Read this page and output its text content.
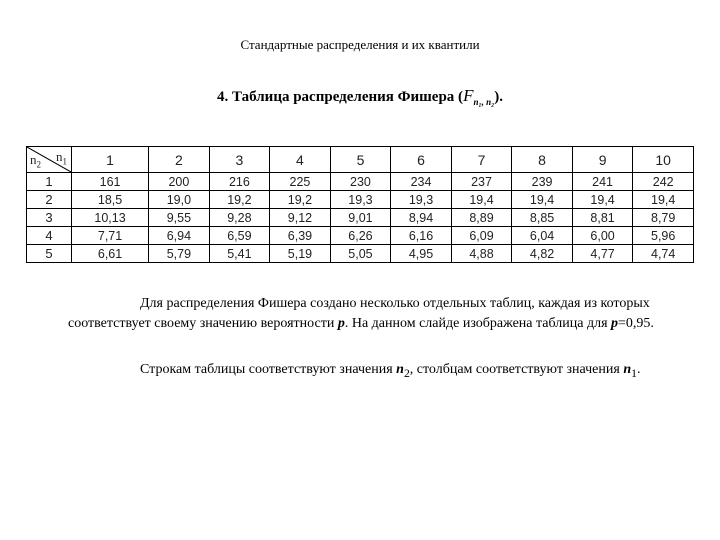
Стандартные распределения и их квантили
4. Таблица распределения Фишера $(F_{n_1, n_2})$.
$n_1$
$n_2$	1	2	3	4	5	6	7	8	9	10
1	161	200	216	225	230	234	237	239	241	242
2	18,5	19,0	19,2	19,2	19,3	19,3	19,4	19,4	19,4	19,4
3	10,13	9,55	9,28	9,12	9,01	8,94	8,89	8,85	8,81	8,79
4	7,71	6,94	6,59	6,39	6,26	6,16	6,09	6,04	6,00	5,96
5	6,61	5,79	5,41	5,19	5,05	4,95	4,88	4,82	4,77	4,74
Для распределения Фишера создано несколько отдельных таблиц, каждая из которых соответствует своему значению вероятности p. На данном слайде изображена таблица для p=0,95.
Строкам таблицы соответствуют значения $n_2$, столбцам соответствуют значения $n_1$.
